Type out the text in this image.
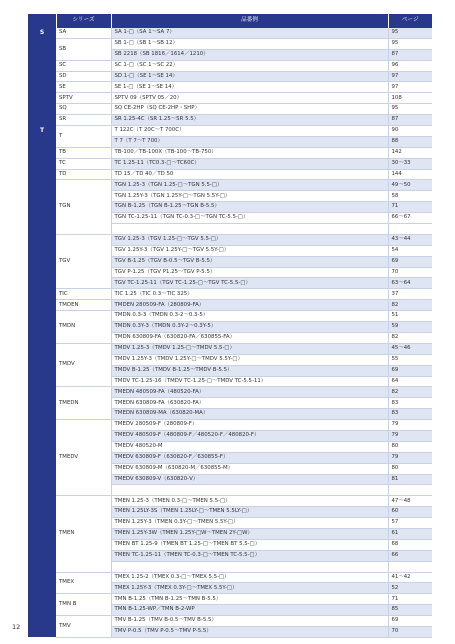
	シリーズ	品番例	ページ
S	SA	SA 1-□（SA 1～SA 7）	95
	SB	SB 1-□（SB 1～SB 12）	95
		SB 2218（SB 1816／1614／1210）	87
	SC	SC 1-□（SC 1～SC 22）	96
	SD	SD 1-□（SE 1～SE 14）	97
	SE	SE 1-□（SE 1～SE 14）	97
	SPTV	SPTV 09（SPTV 05／20）	108
	SQ	SQ CE-2HP（SQ CE-2HP・SHP）	95
	SR	SR 1.25-4C（SR 1.25～SR 5.5）	87
T	T	T 122C（T 20C～T 700C）	90
		T 7（T 7～T 700）	88
	TB	TB-100／TB-100X（TB-100～TB-750）	142
	TC	TC 1.25-11（TC0.3-□～TC60C）	30～33
	TD	TD 15／TD 40／TD 50	144
	TGN	TGN 1.25-3（TGN 1.25-□～TGN 5.5-□）	49～50
		TGN 1.25Y-3（TGN 1.25Y-□～TGN 5.5Y-□）	58
		TGN B-1.25（TGN B-1.25～TGN B-5.5）	71
		TGN TC-1.25-11（TGN TC-0.3-□～TGN TC-5.5-□）	66～67

	TGV	TGV 1.25-3（TGV 1.25-□～TGV 5.5-□）	43～44
		TGV 1.25Y-3（TGV 1.25Y-□～TGV 5.5Y-□）	54
		TGV B-1.25（TGV B-0.5～TGV B-5.5）	69
		TGV P-1.25（TGV P1.25～TGV P-5.5）	70
		TGV TC-1.25-11（TGV TC-1.25-□～TGV TC-5.5-□）	63～64
	TIC	TIC 1.25（TIC 0.3～TIC 325）	37
	TMDEN	TMDEN 280509-FA（280809-FA）	82
	TMDN	TMDN 0.3-3（TMDN 0.3-2～0.3-5）	51
		TMDN 0.3Y-3（TMDN 0.3Y-2～0.3Y-5）	59
		TMDN 630809-FA（630820-FA／630855-FA）	82
	TMDV	TMDV 1.25-3（TMDV 1.25-□～TMDV 5.5-□）	45～46
		TMDV 1.25Y-3（TMDV 1.25Y-□～TMDV 5.5Y-□）	55
		TMDV B-1.25（TMDV B-1.25～TMDV B-5.5）	69
		TMDV TC-1.25-16（TMDV TC-1.25-□～TMDV TC-5.5-11）	64
	TMEDN	TMEDN 480509-FA（480520-FA）	82
		TMEDN 630809-FA（630820-FA）	83
		TMEDN 630809-MA（630820-MA）	83
	TMEDV	TMEDV 280509-F（280809-F）	79
		TMEDV 480509-F（480809-F／480520-F／480820-F）	79
		TMEDV 480520-M	80
		TMEDV 630809-F（630820-F／630855-F）	79
		TMEDV 630809-M（630820-M／630855-M）	80
		TMEDV 630809-V（630820-V）	81

	TMEN	TMEN 1.25-3（TMEN 0.3-□～TMEN 5.5-□）	47～48
		TMEN 1.25LY-3S（TMEN 1.25LY-□～TMEN 5.5LY-□）	60
		TMEN 1.25Y-3（TMEN 0.3Y-□～TMEN 5.5Y-□）	57
		TMEN 1.25Y-3W（TMEN 1.25Y-□W～TMEN 2Y-□W）	61
		TMEN BT 1.25-9（TMEN BT 1.25-□～TMEN BT 5.5-□）	68
		TMEN TC-1.25-11（TMEN TC-0.3-□～TMEN TC-5.5-□）	66

	TMEX	TMEX 1.25-2（TMEX 0.3-□～TMEX 5.5-□）	41～42
		TMEX 1.25Y-3（TMEX 0.3Y-□～TMEX 5.5Y-□）	52
	TMN B	TMN B-1.25（TMN B-1.25～TMN B-5.5）	71
		TMN B-1.25-WP／TMN B-2-WP	85
	TMV	TMV B-1.25（TMV B-0.5～TMV B-5.5）	69
		TMV P-0.5（TMV P-0.5～TMV P-5.5）	70
12
